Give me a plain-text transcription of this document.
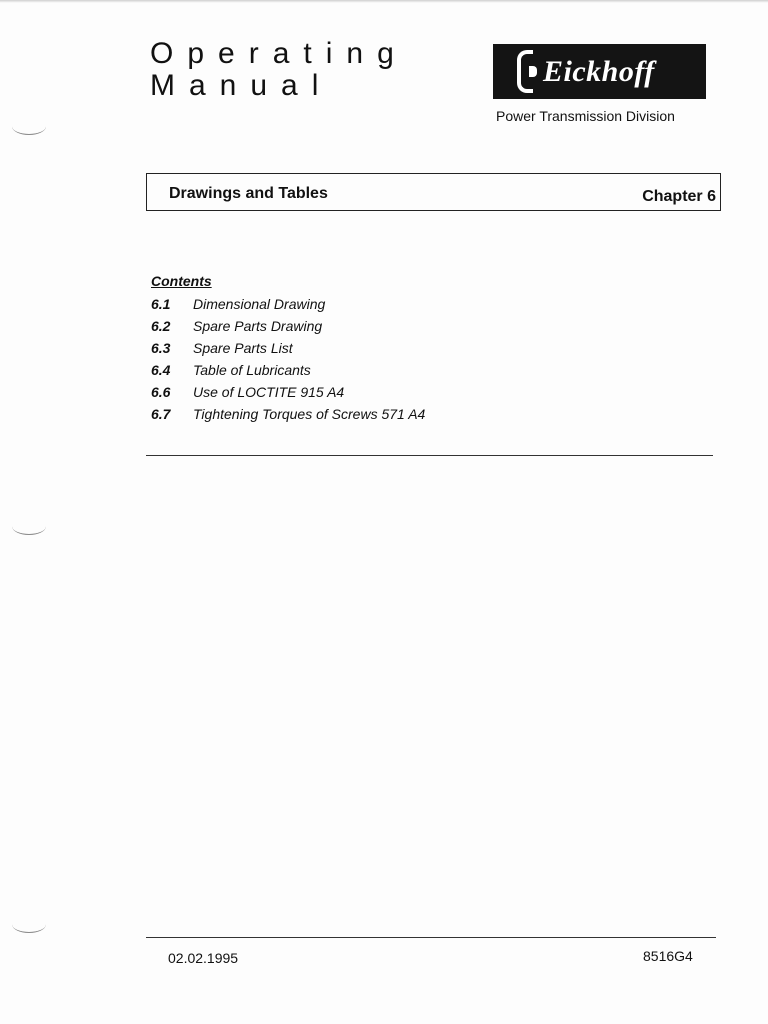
Operating
Manual	Eickhoff
Power Transmission Division
Drawings and Tables	Chapter 6
Contents
6.1	Dimensional Drawing
6.2	Spare Parts Drawing
6.3	Spare Parts List
6.4	Table of Lubricants
6.6	Use of LOCTITE 915 A4
6.7	Tightening Torques of Screws 571 A4
02.02.1995	8516G4
